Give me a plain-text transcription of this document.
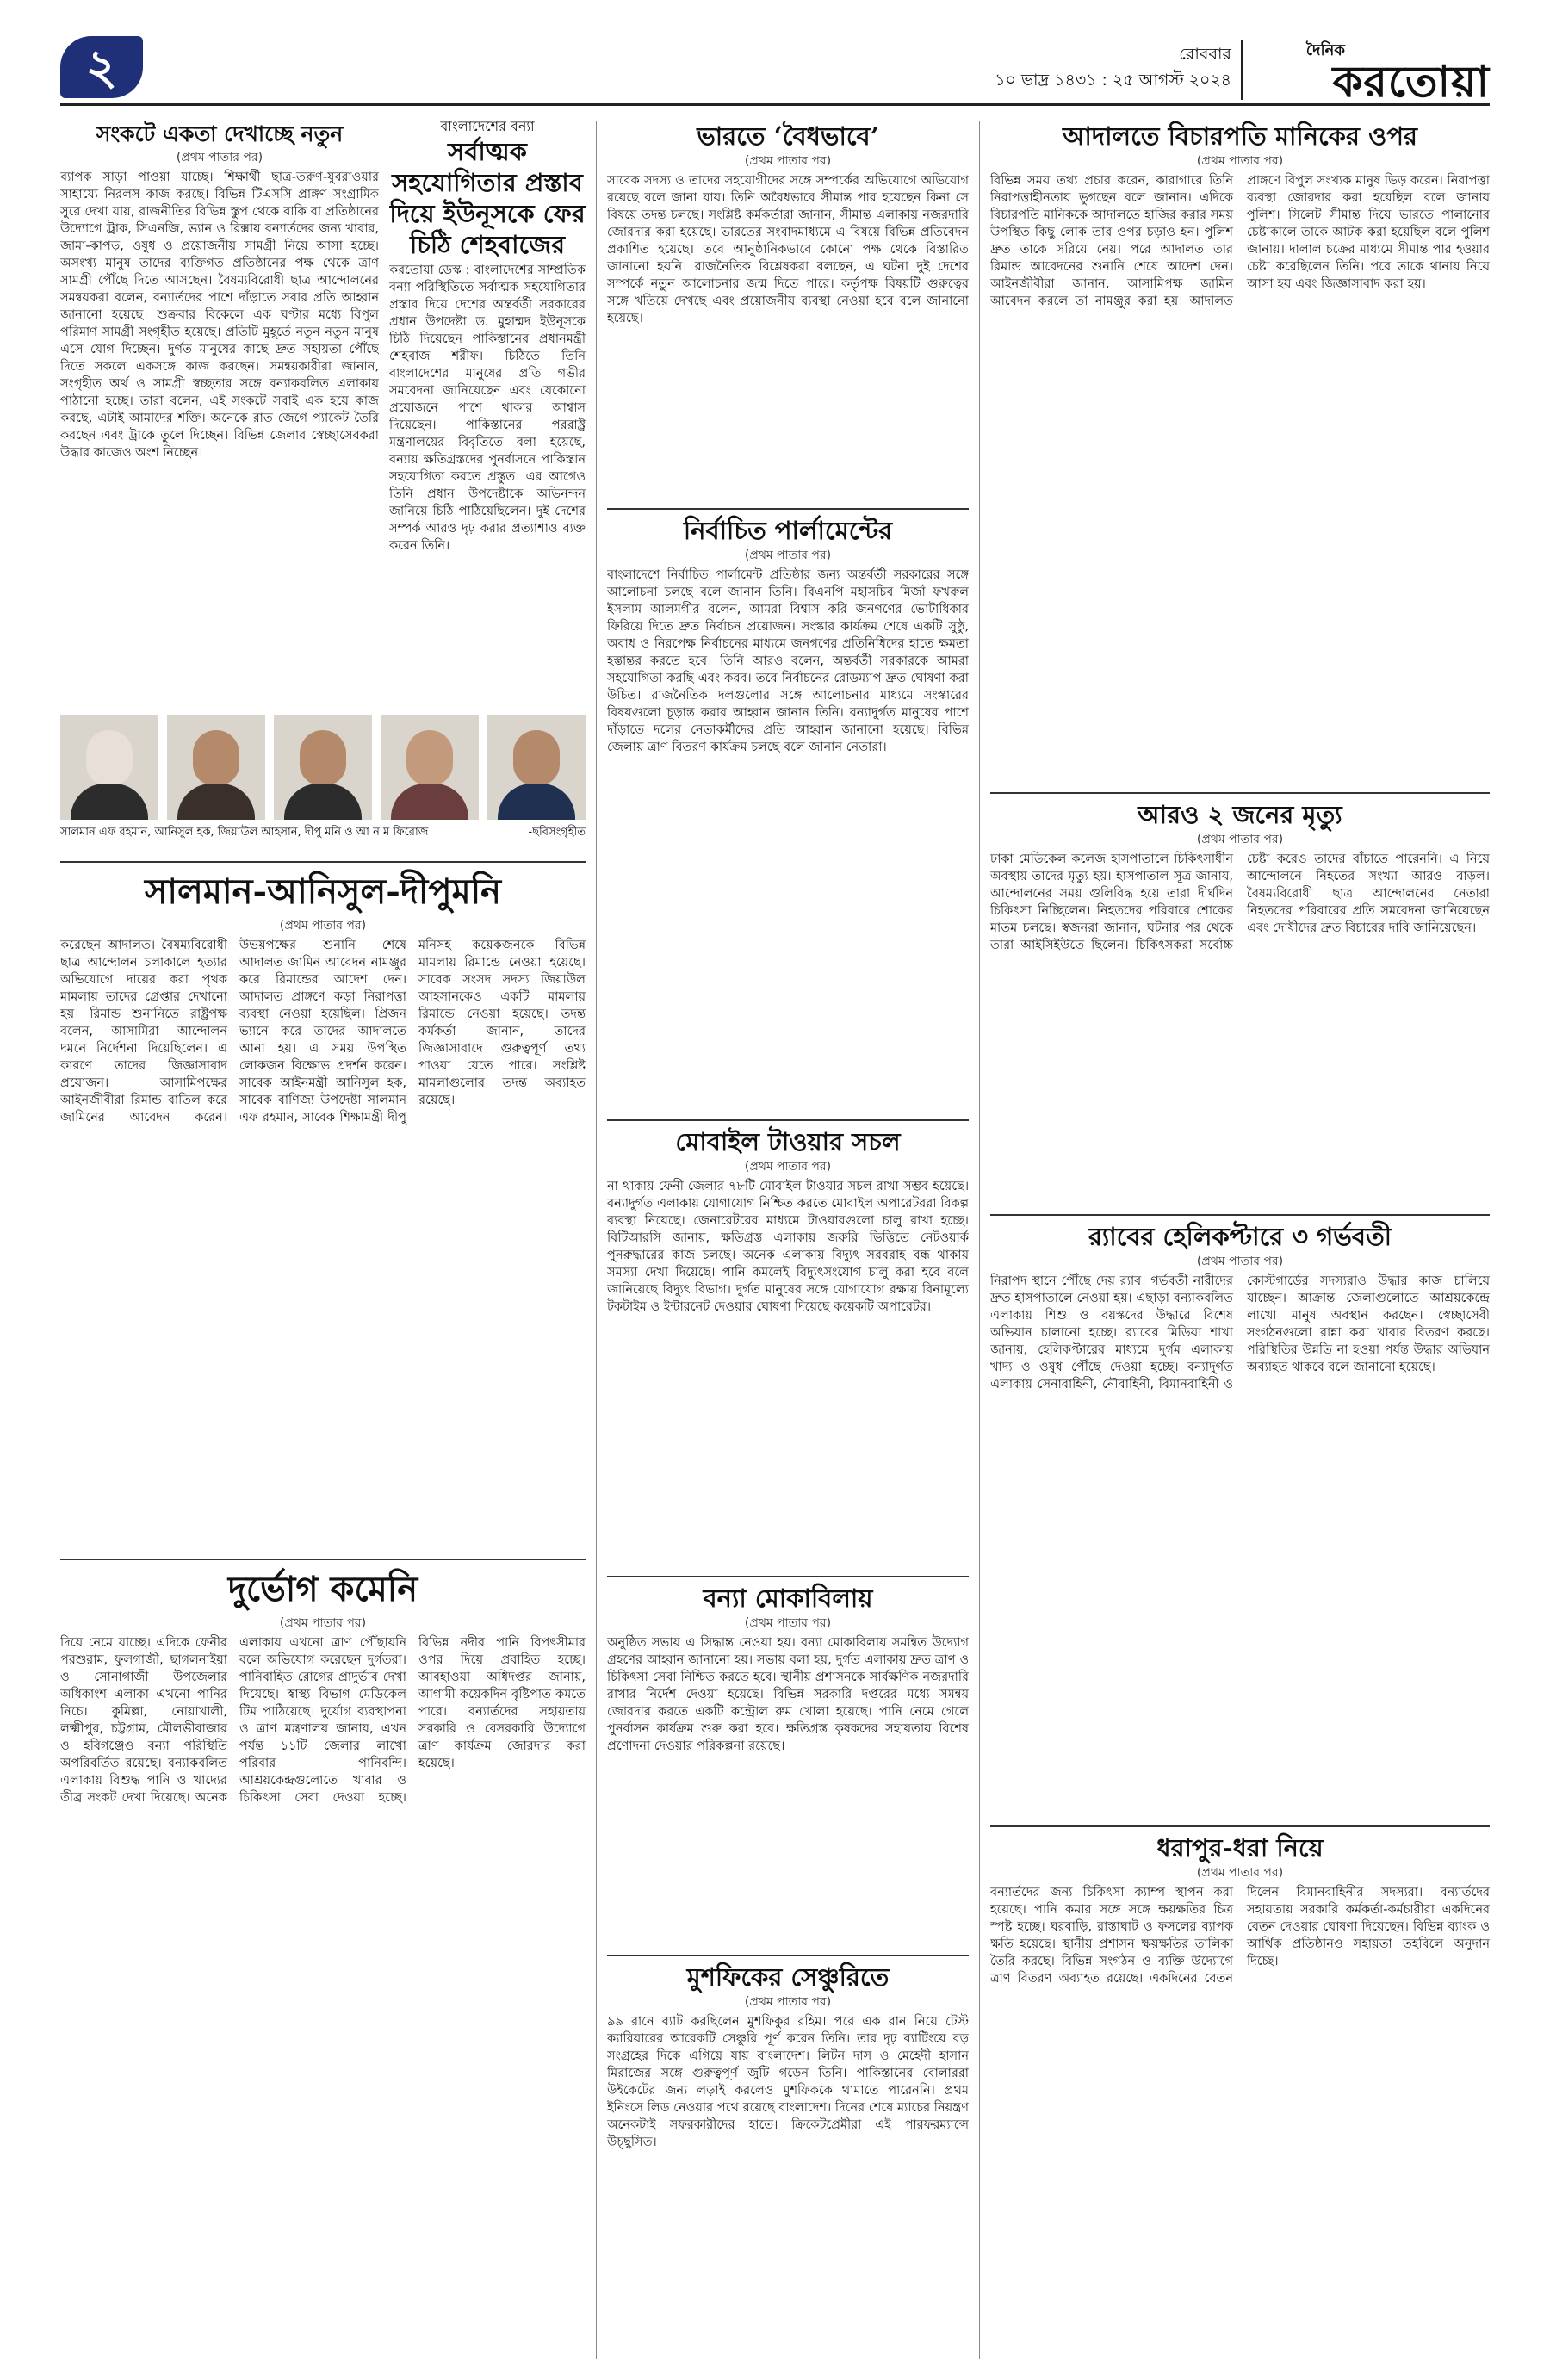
২	রোববার
১০ ভাদ্র ১৪৩১ : ২৫ আগস্ট ২০২৪
দৈনিক
করতোয়া
সংকটে একতা দেখাচ্ছে নতুন

(প্রথম পাতার পর)

ব্যাপক সাড়া পাওয়া যাচ্ছে। শিক্ষার্থী ছাত্র-তরুণ-যুবরাওয়ার সাহায্যে নিরলস কাজ করছে। বিভিন্ন টিএসসি প্রাঙ্গণ সংগ্রামিক সুরে দেখা যায়, রাজনীতির বিভিন্ন স্তুপ থেকে বাকি বা প্রতিষ্ঠানের উদ্যোগে ট্রাক, সিএনজি, ভ্যান ও রিক্সায় বন্যার্তদের জন্য খাবার, জামা-কাপড়, ওষুধ ও প্রয়োজনীয় সামগ্রী নিয়ে আসা হচ্ছে। অসংখ্য মানুষ তাদের ব্যক্তিগত প্রতিষ্ঠানের পক্ষ থেকে ত্রাণ সামগ্রী পৌঁছে দিতে আসছেন। বৈষম্যবিরোধী ছাত্র আন্দোলনের সমন্বয়করা বলেন, বন্যার্তদের পাশে দাঁড়াতে সবার প্রতি আহ্বান জানানো হয়েছে। শুক্রবার বিকেলে এক ঘণ্টার মধ্যে বিপুল পরিমাণ সামগ্রী সংগৃহীত হয়েছে। প্রতিটি মুহূর্তে নতুন নতুন মানুষ এসে যোগ দিচ্ছেন। দুর্গত মানুষের কাছে দ্রুত সহায়তা পৌঁছে দিতে সকলে একসঙ্গে কাজ করছেন। সমন্বয়কারীরা জানান, সংগৃহীত অর্থ ও সামগ্রী স্বচ্ছতার সঙ্গে বন্যাকবলিত এলাকায় পাঠানো হচ্ছে। তারা বলেন, এই সংকটে সবাই এক হয়ে কাজ করছে, এটাই আমাদের শক্তি। অনেকে রাত জেগে প্যাকেট তৈরি করছেন এবং ট্রাকে তুলে দিচ্ছেন। বিভিন্ন জেলার স্বেচ্ছাসেবকরা উদ্ধার কাজেও অংশ নিচ্ছেন।

বাংলাদেশের বন্যা

সর্বাত্মক সহযোগিতার প্রস্তাব দিয়ে ইউনূসকে ফের চিঠি শেহবাজের

করতোয়া ডেস্ক : বাংলাদেশের সাম্প্রতিক বন্যা পরিস্থিতিতে সর্বাত্মক সহযোগিতার প্রস্তাব দিয়ে দেশের অন্তর্বর্তী সরকারের প্রধান উপদেষ্টা ড. মুহাম্মদ ইউনূসকে চিঠি দিয়েছেন পাকিস্তানের প্রধানমন্ত্রী শেহবাজ শরীফ। চিঠিতে তিনি বাংলাদেশের মানুষের প্রতি গভীর সমবেদনা জানিয়েছেন এবং যেকোনো প্রয়োজনে পাশে থাকার আশ্বাস দিয়েছেন। পাকিস্তানের পররাষ্ট্র মন্ত্রণালয়ের বিবৃতিতে বলা হয়েছে, বন্যায় ক্ষতিগ্রস্তদের পুনর্বাসনে পাকিস্তান সহযোগিতা করতে প্রস্তুত। এর আগেও তিনি প্রধান উপদেষ্টাকে অভিনন্দন জানিয়ে চিঠি পাঠিয়েছিলেন। দুই দেশের সম্পর্ক আরও দৃঢ় করার প্রত্যাশাও ব্যক্ত করেন তিনি।

সালমান এফ রহমান, আনিসুল হক, জিয়াউল আহসান, দীপু মনি ও আ ন ম ফিরোজ	-ছবিসংগৃহীত
সালমান-আনিসুল-দীপুমনি

(প্রথম পাতার পর)

করেছেন আদালত। বৈষম্যবিরোধী ছাত্র আন্দোলন চলাকালে হত্যার অভিযোগে দায়ের করা পৃথক মামলায় তাদের গ্রেপ্তার দেখানো হয়। রিমান্ড শুনানিতে রাষ্ট্রপক্ষ বলেন, আসামিরা আন্দোলন দমনে নির্দেশনা দিয়েছিলেন। এ কারণে তাদের জিজ্ঞাসাবাদ প্রয়োজন। আসামিপক্ষের আইনজীবীরা রিমান্ড বাতিল করে জামিনের আবেদন করেন। উভয়পক্ষের শুনানি শেষে আদালত জামিন আবেদন নামঞ্জুর করে রিমান্ডের আদেশ দেন। আদালত প্রাঙ্গণে কড়া নিরাপত্তা ব্যবস্থা নেওয়া হয়েছিল। প্রিজন ভ্যানে করে তাদের আদালতে আনা হয়। এ সময় উপস্থিত লোকজন বিক্ষোভ প্রদর্শন করেন। সাবেক আইনমন্ত্রী আনিসুল হক, সাবেক বাণিজ্য উপদেষ্টা সালমান এফ রহমান, সাবেক শিক্ষামন্ত্রী দীপু মনিসহ কয়েকজনকে বিভিন্ন মামলায় রিমান্ডে নেওয়া হয়েছে। সাবেক সংসদ সদস্য জিয়াউল আহসানকেও একটি মামলায় রিমান্ডে নেওয়া হয়েছে। তদন্ত কর্মকর্তা জানান, তাদের জিজ্ঞাসাবাদে গুরুত্বপূর্ণ তথ্য পাওয়া যেতে পারে। সংশ্লিষ্ট মামলাগুলোর তদন্ত অব্যাহত রয়েছে।

দুর্ভোগ কমেনি

(প্রথম পাতার পর)

দিয়ে নেমে যাচ্ছে। এদিকে ফেনীর পরশুরাম, ফুলগাজী, ছাগলনাইয়া ও সোনাগাজী উপজেলার অধিকাংশ এলাকা এখনো পানির নিচে। কুমিল্লা, নোয়াখালী, লক্ষ্মীপুর, চট্টগ্রাম, মৌলভীবাজার ও হবিগঞ্জেও বন্যা পরিস্থিতি অপরিবর্তিত রয়েছে। বন্যাকবলিত এলাকায় বিশুদ্ধ পানি ও খাদ্যের তীব্র সংকট দেখা দিয়েছে। অনেক এলাকায় এখনো ত্রাণ পৌঁছায়নি বলে অভিযোগ করেছেন দুর্গতরা। পানিবাহিত রোগের প্রাদুর্ভাব দেখা দিয়েছে। স্বাস্থ্য বিভাগ মেডিকেল টিম পাঠিয়েছে। দুর্যোগ ব্যবস্থাপনা ও ত্রাণ মন্ত্রণালয় জানায়, এখন পর্যন্ত ১১টি জেলার লাখো পরিবার পানিবন্দি। আশ্রয়কেন্দ্রগুলোতে খাবার ও চিকিৎসা সেবা দেওয়া হচ্ছে। বিভিন্ন নদীর পানি বিপৎসীমার ওপর দিয়ে প্রবাহিত হচ্ছে। আবহাওয়া অধিদপ্তর জানায়, আগামী কয়েকদিন বৃষ্টিপাত কমতে পারে। বন্যার্তদের সহায়তায় সরকারি ও বেসরকারি উদ্যোগে ত্রাণ কার্যক্রম জোরদার করা হয়েছে।

ভারতে ‘বৈধভাবে’

(প্রথম পাতার পর)

সাবেক সদস্য ও তাদের সহযোগীদের সঙ্গে সম্পর্কের অভিযোগে অভিযোগ রয়েছে বলে জানা যায়। তিনি অবৈধভাবে সীমান্ত পার হয়েছেন কিনা সে বিষয়ে তদন্ত চলছে। সংশ্লিষ্ট কর্মকর্তারা জানান, সীমান্ত এলাকায় নজরদারি জোরদার করা হয়েছে। ভারতের সংবাদমাধ্যমে এ বিষয়ে বিভিন্ন প্রতিবেদন প্রকাশিত হয়েছে। তবে আনুষ্ঠানিকভাবে কোনো পক্ষ থেকে বিস্তারিত জানানো হয়নি। রাজনৈতিক বিশ্লেষকরা বলছেন, এ ঘটনা দুই দেশের সম্পর্কে নতুন আলোচনার জন্ম দিতে পারে। কর্তৃপক্ষ বিষয়টি গুরুত্বের সঙ্গে খতিয়ে দেখছে এবং প্রয়োজনীয় ব্যবস্থা নেওয়া হবে বলে জানানো হয়েছে।

নির্বাচিত পার্লামেন্টের

(প্রথম পাতার পর)

বাংলাদেশে নির্বাচিত পার্লামেন্ট প্রতিষ্ঠার জন্য অন্তর্বর্তী সরকারের সঙ্গে আলোচনা চলছে বলে জানান তিনি। বিএনপি মহাসচিব মির্জা ফখরুল ইসলাম আলমগীর বলেন, আমরা বিশ্বাস করি জনগণের ভোটাধিকার ফিরিয়ে দিতে দ্রুত নির্বাচন প্রয়োজন। সংস্কার কার্যক্রম শেষে একটি সুষ্ঠু, অবাধ ও নিরপেক্ষ নির্বাচনের মাধ্যমে জনগণের প্রতিনিধিদের হাতে ক্ষমতা হস্তান্তর করতে হবে। তিনি আরও বলেন, অন্তর্বর্তী সরকারকে আমরা সহযোগিতা করছি এবং করব। তবে নির্বাচনের রোডম্যাপ দ্রুত ঘোষণা করা উচিত। রাজনৈতিক দলগুলোর সঙ্গে আলোচনার মাধ্যমে সংস্কারের বিষয়গুলো চূড়ান্ত করার আহ্বান জানান তিনি। বন্যাদুর্গত মানুষের পাশে দাঁড়াতে দলের নেতাকর্মীদের প্রতি আহ্বান জানানো হয়েছে। বিভিন্ন জেলায় ত্রাণ বিতরণ কার্যক্রম চলছে বলে জানান নেতারা।

মোবাইল টাওয়ার সচল

(প্রথম পাতার পর)

না থাকায় ফেনী জেলার ৭৮টি মোবাইল টাওয়ার সচল রাখা সম্ভব হয়েছে। বন্যাদুর্গত এলাকায় যোগাযোগ নিশ্চিত করতে মোবাইল অপারেটররা বিকল্প ব্যবস্থা নিয়েছে। জেনারেটরের মাধ্যমে টাওয়ারগুলো চালু রাখা হচ্ছে। বিটিআরসি জানায়, ক্ষতিগ্রস্ত এলাকায় জরুরি ভিত্তিতে নেটওয়ার্ক পুনরুদ্ধারের কাজ চলছে। অনেক এলাকায় বিদ্যুৎ সরবরাহ বন্ধ থাকায় সমস্যা দেখা দিয়েছে। পানি কমলেই বিদ্যুৎসংযোগ চালু করা হবে বলে জানিয়েছে বিদ্যুৎ বিভাগ। দুর্গত মানুষের সঙ্গে যোগাযোগ রক্ষায় বিনামূল্যে টকটাইম ও ইন্টারনেট দেওয়ার ঘোষণা দিয়েছে কয়েকটি অপারেটর।

বন্যা মোকাবিলায়

(প্রথম পাতার পর)

অনুষ্ঠিত সভায় এ সিদ্ধান্ত নেওয়া হয়। বন্যা মোকাবিলায় সমন্বিত উদ্যোগ গ্রহণের আহ্বান জানানো হয়। সভায় বলা হয়, দুর্গত এলাকায় দ্রুত ত্রাণ ও চিকিৎসা সেবা নিশ্চিত করতে হবে। স্থানীয় প্রশাসনকে সার্বক্ষণিক নজরদারি রাখার নির্দেশ দেওয়া হয়েছে। বিভিন্ন সরকারি দপ্তরের মধ্যে সমন্বয় জোরদার করতে একটি কন্ট্রোল রুম খোলা হয়েছে। পানি নেমে গেলে পুনর্বাসন কার্যক্রম শুরু করা হবে। ক্ষতিগ্রস্ত কৃষকদের সহায়তায় বিশেষ প্রণোদনা দেওয়ার পরিকল্পনা রয়েছে।

মুশফিকের সেঞ্চুরিতে

(প্রথম পাতার পর)

৯৯ রানে ব্যাট করছিলেন মুশফিকুর রহিম। পরে এক রান নিয়ে টেস্ট ক্যারিয়ারের আরেকটি সেঞ্চুরি পূর্ণ করেন তিনি। তার দৃঢ় ব্যাটিংয়ে বড় সংগ্রহের দিকে এগিয়ে যায় বাংলাদেশ। লিটন দাস ও মেহেদী হাসান মিরাজের সঙ্গে গুরুত্বপূর্ণ জুটি গড়েন তিনি। পাকিস্তানের বোলাররা উইকেটের জন্য লড়াই করলেও মুশফিককে থামাতে পারেননি। প্রথম ইনিংসে লিড নেওয়ার পথে রয়েছে বাংলাদেশ। দিনের শেষে ম্যাচের নিয়ন্ত্রণ অনেকটাই সফরকারীদের হাতে। ক্রিকেটপ্রেমীরা এই পারফরম্যান্সে উচ্ছ্বসিত।

আদালতে বিচারপতি মানিকের ওপর

(প্রথম পাতার পর)

বিভিন্ন সময় তথ্য প্রচার করেন, কারাগারে তিনি নিরাপত্তাহীনতায় ভুগছেন বলে জানান। এদিকে বিচারপতি মানিককে আদালতে হাজির করার সময় উপস্থিত কিছু লোক তার ওপর চড়াও হন। পুলিশ দ্রুত তাকে সরিয়ে নেয়। পরে আদালত তার রিমান্ড আবেদনের শুনানি শেষে আদেশ দেন। আইনজীবীরা জানান, আসামিপক্ষ জামিন আবেদন করলে তা নামঞ্জুর করা হয়। আদালত প্রাঙ্গণে বিপুল সংখ্যক মানুষ ভিড় করেন। নিরাপত্তা ব্যবস্থা জোরদার করা হয়েছিল বলে জানায় পুলিশ। সিলেট সীমান্ত দিয়ে ভারতে পালানোর চেষ্টাকালে তাকে আটক করা হয়েছিল বলে পুলিশ জানায়। দালাল চক্রের মাধ্যমে সীমান্ত পার হওয়ার চেষ্টা করেছিলেন তিনি। পরে তাকে থানায় নিয়ে আসা হয় এবং জিজ্ঞাসাবাদ করা হয়।

আরও ২ জনের মৃত্যু

(প্রথম পাতার পর)

ঢাকা মেডিকেল কলেজ হাসপাতালে চিকিৎসাধীন অবস্থায় তাদের মৃত্যু হয়। হাসপাতাল সূত্র জানায়, আন্দোলনের সময় গুলিবিদ্ধ হয়ে তারা দীর্ঘদিন চিকিৎসা নিচ্ছিলেন। নিহতদের পরিবারে শোকের মাতম চলছে। স্বজনরা জানান, ঘটনার পর থেকে তারা আইসিইউতে ছিলেন। চিকিৎসকরা সর্বোচ্চ চেষ্টা করেও তাদের বাঁচাতে পারেননি। এ নিয়ে আন্দোলনে নিহতের সংখ্যা আরও বাড়ল। বৈষম্যবিরোধী ছাত্র আন্দোলনের নেতারা নিহতদের পরিবারের প্রতি সমবেদনা জানিয়েছেন এবং দোষীদের দ্রুত বিচারের দাবি জানিয়েছেন।

র‌্যাবের হেলিকপ্টারে ৩ গর্ভবতী

(প্রথম পাতার পর)

নিরাপদ স্থানে পৌঁছে দেয় র‌্যাব। গর্ভবতী নারীদের দ্রুত হাসপাতালে নেওয়া হয়। এছাড়া বন্যাকবলিত এলাকায় শিশু ও বয়স্কদের উদ্ধারে বিশেষ অভিযান চালানো হচ্ছে। র‌্যাবের মিডিয়া শাখা জানায়, হেলিকপ্টারের মাধ্যমে দুর্গম এলাকায় খাদ্য ও ওষুধ পৌঁছে দেওয়া হচ্ছে। বন্যাদুর্গত এলাকায় সেনাবাহিনী, নৌবাহিনী, বিমানবাহিনী ও কোস্টগার্ডের সদস্যরাও উদ্ধার কাজ চালিয়ে যাচ্ছেন। আক্রান্ত জেলাগুলোতে আশ্রয়কেন্দ্রে লাখো মানুষ অবস্থান করছেন। স্বেচ্ছাসেবী সংগঠনগুলো রান্না করা খাবার বিতরণ করছে। পরিস্থিতির উন্নতি না হওয়া পর্যন্ত উদ্ধার অভিযান অব্যাহত থাকবে বলে জানানো হয়েছে।

ধরাপুর-ধরা নিয়ে

(প্রথম পাতার পর)

বন্যার্তদের জন্য চিকিৎসা ক্যাম্প স্থাপন করা হয়েছে। পানি কমার সঙ্গে সঙ্গে ক্ষয়ক্ষতির চিত্র স্পষ্ট হচ্ছে। ঘরবাড়ি, রাস্তাঘাট ও ফসলের ব্যাপক ক্ষতি হয়েছে। স্থানীয় প্রশাসন ক্ষয়ক্ষতির তালিকা তৈরি করছে। বিভিন্ন সংগঠন ও ব্যক্তি উদ্যোগে ত্রাণ বিতরণ অব্যাহত রয়েছে। একদিনের বেতন দিলেন বিমানবাহিনীর সদস্যরা। বন্যার্তদের সহায়তায় সরকারি কর্মকর্তা-কর্মচারীরা একদিনের বেতন দেওয়ার ঘোষণা দিয়েছেন। বিভিন্ন ব্যাংক ও আর্থিক প্রতিষ্ঠানও সহায়তা তহবিলে অনুদান দিচ্ছে।
